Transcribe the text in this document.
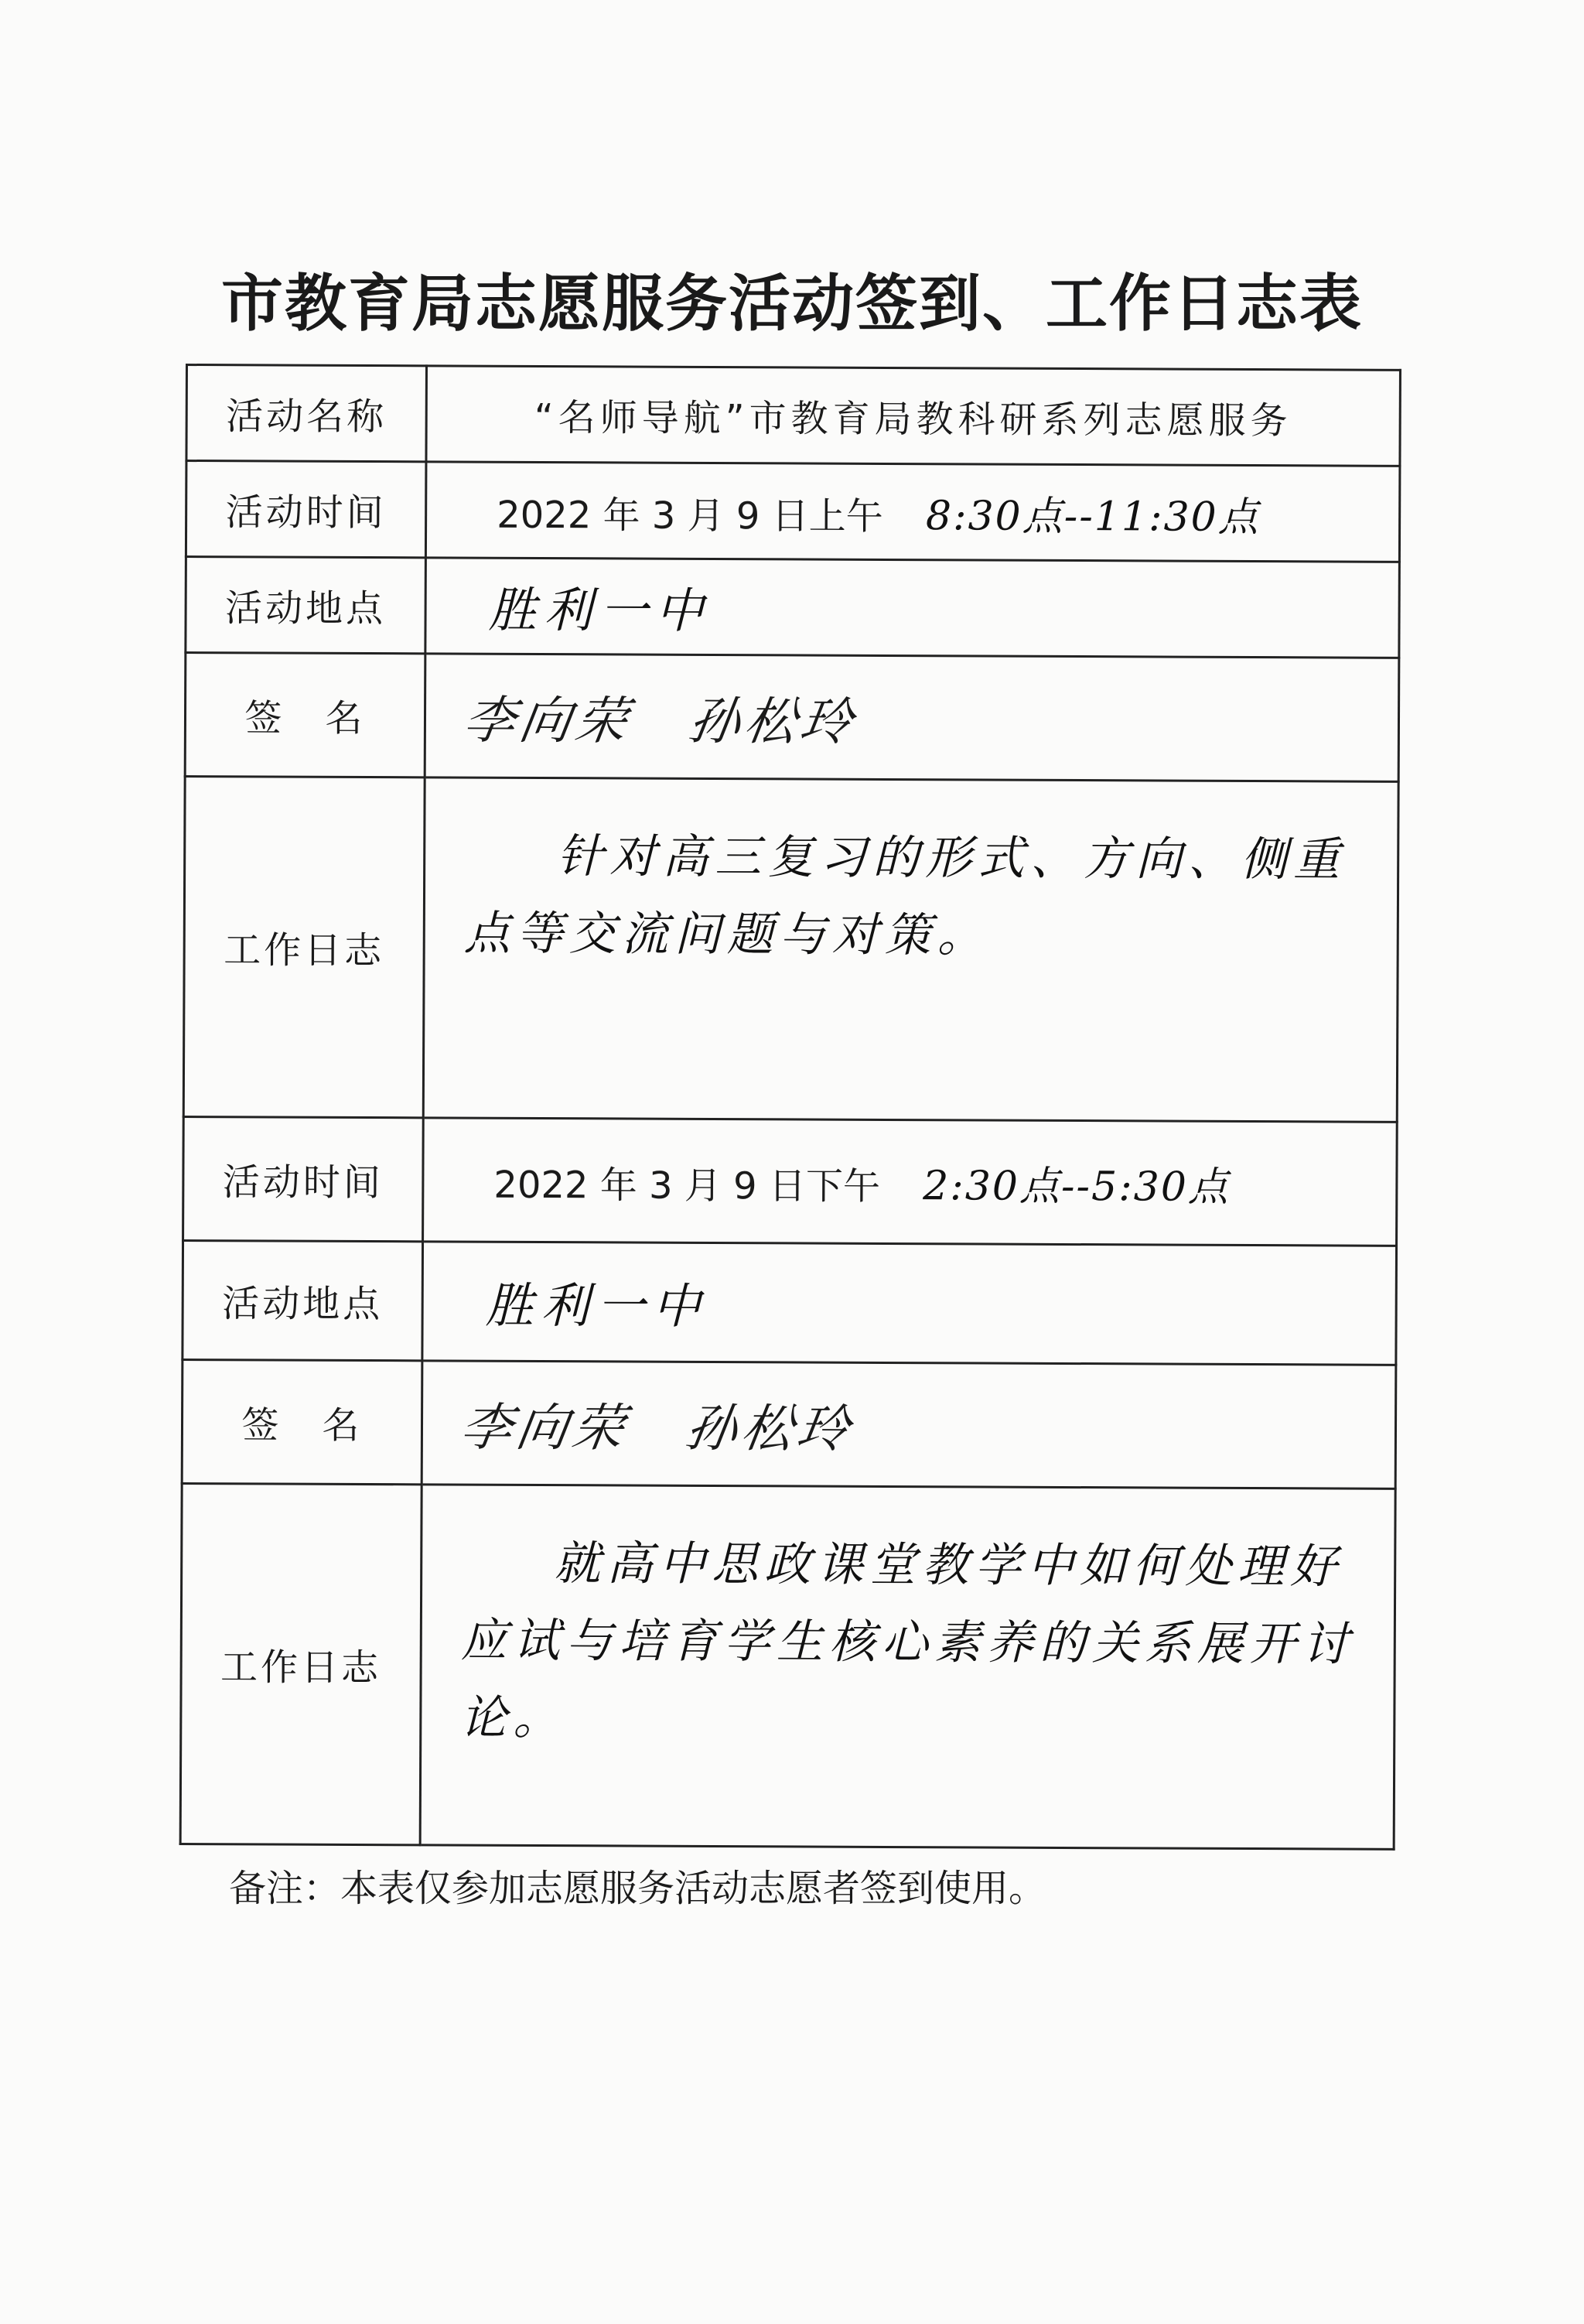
市教育局志愿服务活动签到、工作日志表
活动名称	“名师导航”市教育局教科研系列志愿服务
活动时间	2022 年 3 月 9 日上午 8:30点--11:30点
活动地点	胜利一中
签　名	李向荣 孙松玲
工作日志	针对高三复习的形式、方向、侧重点等交流问题与对策。
活动时间	2022 年 3 月 9 日下午 2:30点--5:30点
活动地点	胜利一中
签　名	李向荣 孙松玲
工作日志	就高中思政课堂教学中如何处理好应试与培育学生核心素养的关系展开讨论。
备注：本表仅参加志愿服务活动志愿者签到使用。
